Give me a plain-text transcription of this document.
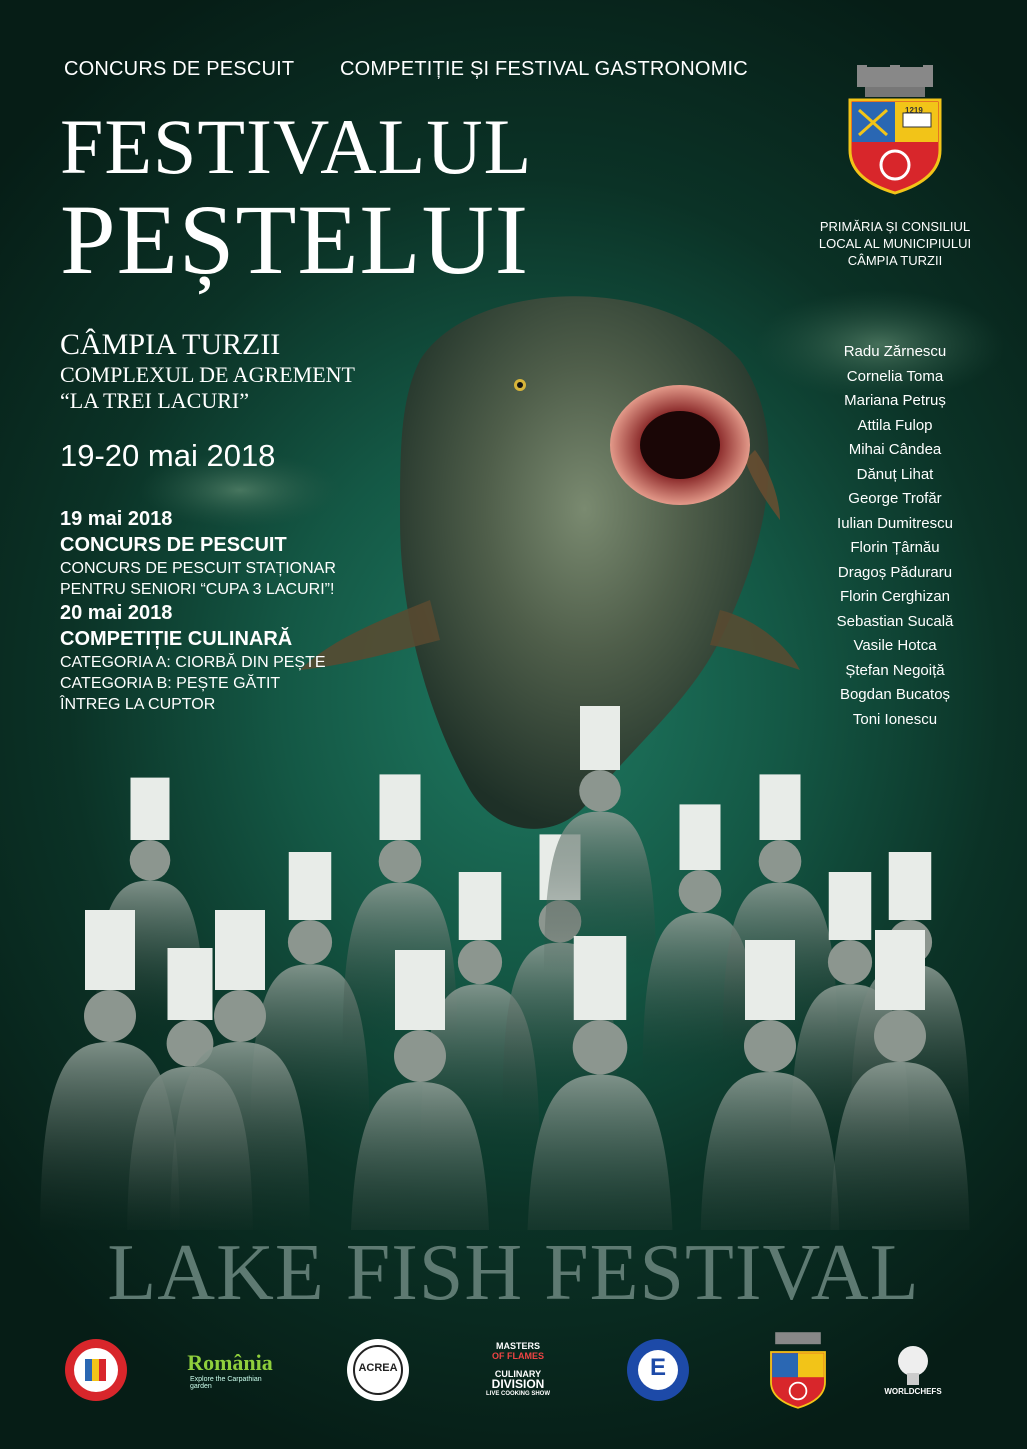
CONCURS DE PESCUIT COMPETIȚIE ȘI FESTIVAL GASTRONOMIC
FESTIVALUL
PEȘTELUI
1219
PRIMĂRIA ȘI CONSILIUL
LOCAL AL MUNICIPIULUI
CÂMPIA TURZII
CÂMPIA TURZII
COMPLEXUL DE AGREMENT
“LA TREI LACURI”
19-20 mai 2018
19 mai 2018
CONCURS DE PESCUIT
CONCURS DE PESCUIT STAȚIONAR
PENTRU SENIORI “CUPA 3 LACURI”!
20 mai 2018
COMPETIȚIE CULINARĂ
CATEGORIA A: CIORBĂ DIN PEȘTE
CATEGORIA B: PEȘTE GĂTIT
ÎNTREG LA CUPTOR
Radu Zărnescu
Cornelia Toma
Mariana Petruș
Attila Fulop
Mihai Cândea
Dănuț Lihat
George Trofăr
Iulian Dumitrescu
Florin Țârnău
Dragoș Păduraru
Florin Cerghizan
Sebastian Sucală
Vasile Hotca
Ștefan Negoiță
Bogdan Bucatoș
Toni Ionescu
LAKE FISH FESTIVAL
România
Explore the Carpathian garden
ACREA
MASTERS
OF FLAMES
CULINARY
DIVISION
LIVE COOKING SHOW
E
WORLDCHEFS
